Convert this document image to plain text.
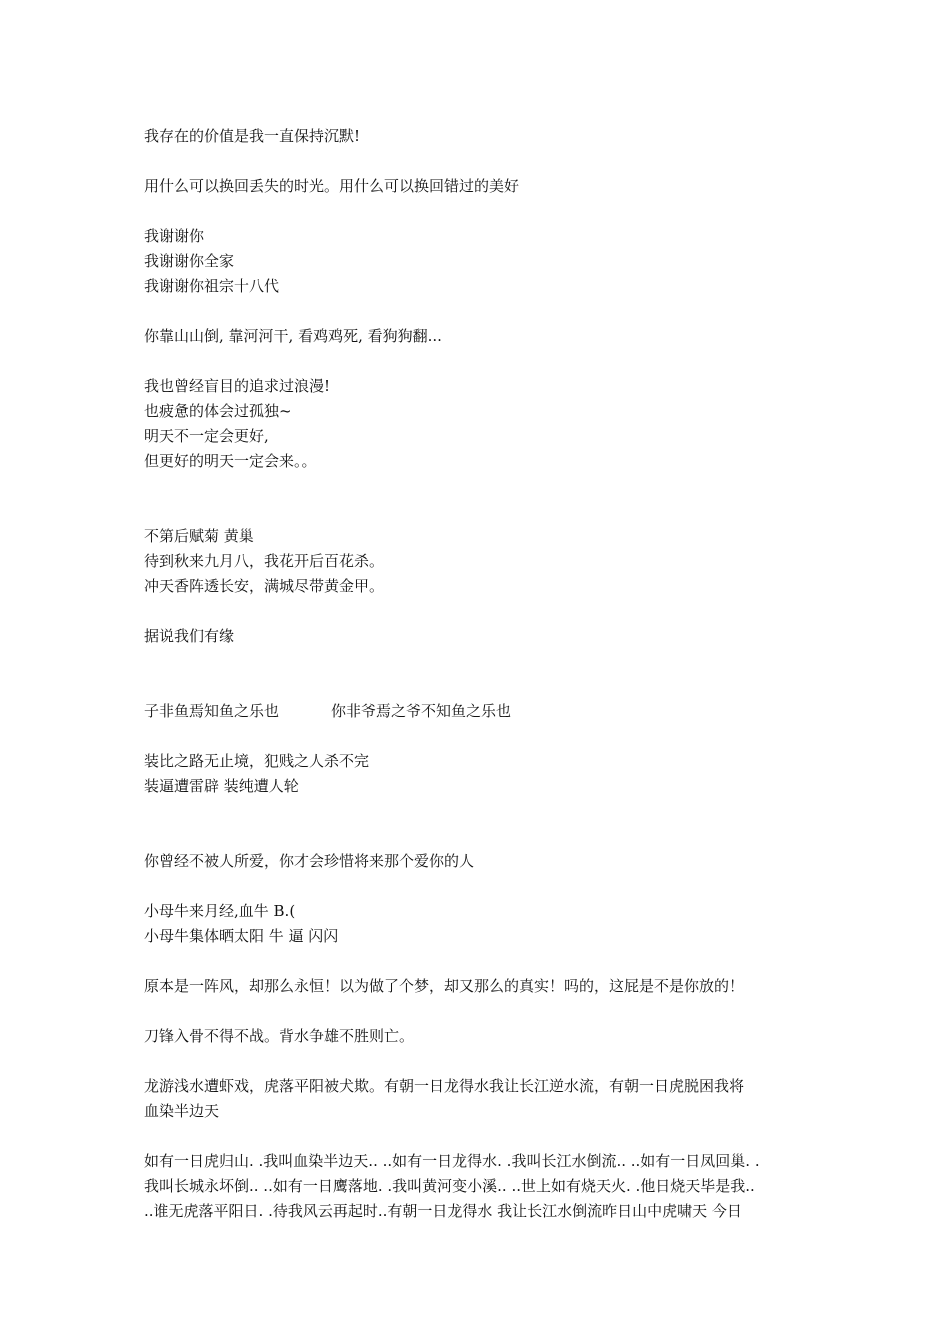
我存在的价值是我一直保持沉默!
用什么可以换回丢失的时光。用什么可以换回错过的美好
我谢谢你
我谢谢你全家
我谢谢你祖宗十八代
你靠山山倒, 靠河河干, 看鸡鸡死, 看狗狗翻...
我也曾经盲目的追求过浪漫!
也疲惫的体会过孤独~
明天不一定会更好,
但更好的明天一定会来。。
不第后赋菊 黄巢
待到秋来九月八，我花开后百花杀。
冲天香阵透长安，满城尽带黄金甲。
据说我们有缘
子非鱼焉知鱼之乐也	你非爷焉之爷不知鱼之乐也
装比之路无止境，犯贱之人杀不完
装逼遭雷辟 装纯遭人轮
你曾经不被人所爱，你才会珍惜将来那个爱你的人
小母牛来月经,血牛 B.(
小母牛集体晒太阳 牛 逼 闪闪
原本是一阵风，却那么永恒！以为做了个梦，却又那么的真实！吗的，这屁是不是你放的！
刀锋入骨不得不战。背水争雄不胜则亡。
龙游浅水遭虾戏，虎落平阳被犬欺。有朝一日龙得水我让长江逆水流，有朝一日虎脱困我将
血染半边天
如有一日虎归山. .我叫血染半边天.. ..如有一日龙得水. .我叫长江水倒流.. ..如有一日凤回巢. .
我叫长城永坏倒.. ..如有一日鹰落地. .我叫黄河变小溪.. ..世上如有烧天火. .他日烧天毕是我..
..谁无虎落平阳日. .待我风云再起时..有朝一日龙得水 我让长江水倒流昨日山中虎啸天 今日
